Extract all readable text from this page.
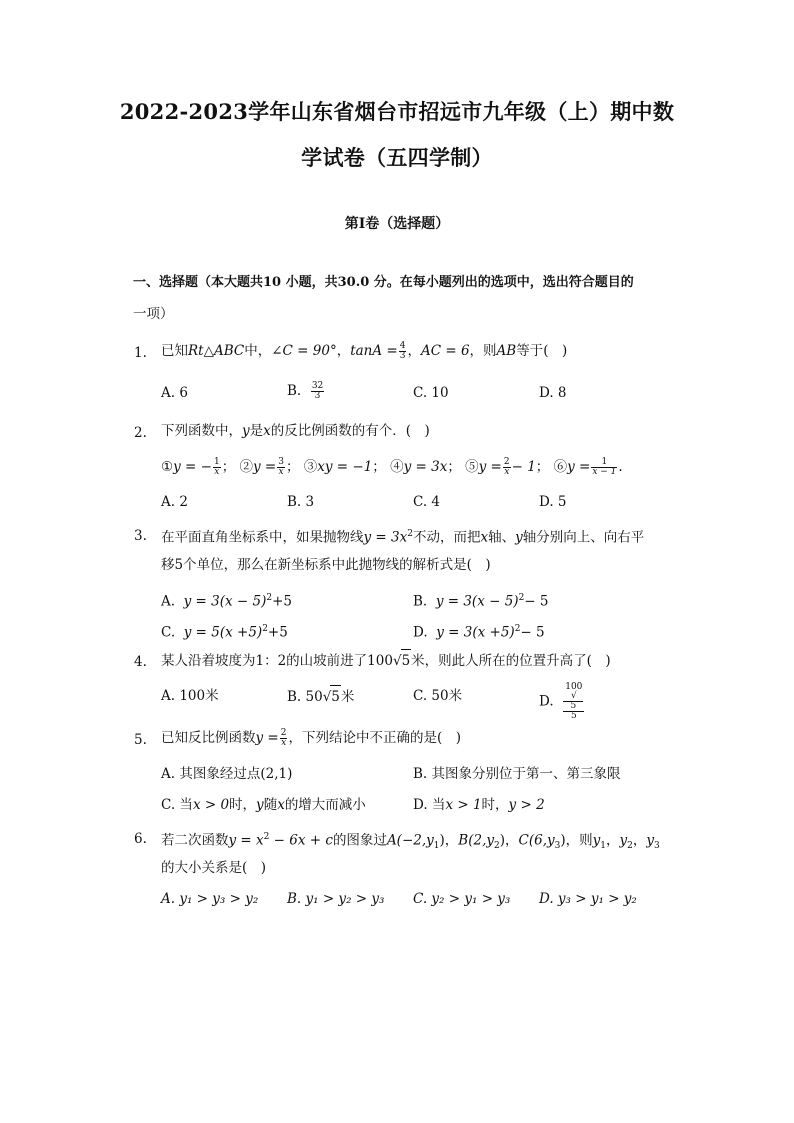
2022-2023学年山东省烟台市招远市九年级（上）期中数
学试卷（五四学制）
第I卷（选择题）
一、选择题（本大题共10 小题，共30.0 分。在每小题列出的选项中，选出符合题目的
一项）
1.	已知Rt△ABC中，∠C = 90°，$\tan A = \frac{4}{3}$ ，AC = 6，则AB等于(　)
A. 6	B. $\frac{32}{3}$	C. 10	D. 8
2.	下列函数中，y是x的反比例函数的有个．(　)
①y = − $\frac{1}{x}$ ； ②y = $\frac{3}{x}$ ； ③xy = −1； ④y = 3x； ⑤y = $\frac{2}{x} - 1$； ⑥y = $\frac{1}{x - 1}$ .
A. 2	B. 3	C. 4	D. 5
3.	在平面直角坐标系中，如果抛物线$y = 3x^2$不动，而把x轴、y轴分别向上、向右平
移5个单位，那么在新坐标系中此抛物线的解析式是(　)
A. $y = 3(x - 5)^2+5$	B. $y = 3(x - 5)^2- 5$
C. $y = 5(x +5)^2+5$	D. $y = 3(x +5)^2- 5$
4.	某人沿着坡度为1：2的山坡前进了100√5米，则此人所在的位置升高了(　)
A. 100米	B. 50√5米	C. 50米	D. 100
√
5
5
5.	已知反比例函数$y = \frac{2}{x}$ ，下列结论中不正确的是(　)
A. 其图象经过点(2,1)	B. 其图象分别位于第一、第三象限
C. 当x > 0时，y随x的增大而减小	D. 当x > 1时，y > 2
6.	若二次函数$y = x^2 - 6x + c$的图象过$A(-2,y_1)$，$B(2,y_2)$，$C(6,y_3)$，则$y_1$，$y_2$，$y_3$
的大小关系是(　)
A. y₁ > y₃ > y₂ B. y₁ > y₂ > y₃ C. y₂ > y₁ > y₃ D. y₃ > y₁ > y₂
